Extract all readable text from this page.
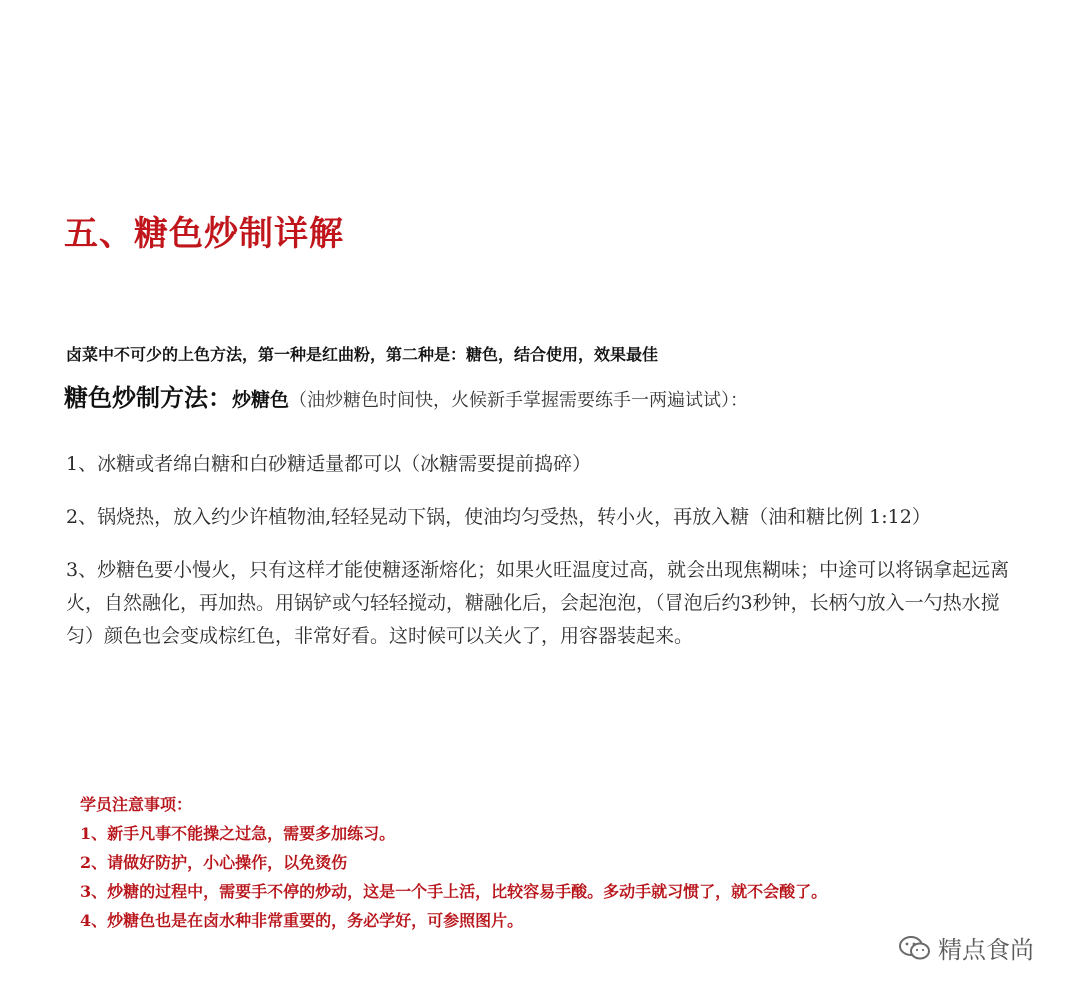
五、糖色炒制详解
卤菜中不可少的上色方法，第一种是红曲粉，第二种是：糖色，结合使用，效果最佳
糖色炒制方法：炒糖色（油炒糖色时间快，火候新手掌握需要练手一两遍试试）：

1、冰糖或者绵白糖和白砂糖适量都可以（冰糖需要提前捣碎）

2、锅烧热，放入约少许植物油,轻轻晃动下锅，使油均匀受热，转小火，再放入糖（油和糖比例 1:12）

3、炒糖色要小慢火，只有这样才能使糖逐渐熔化；如果火旺温度过高，就会出现焦糊味；中途可以将锅拿起远离火，自然融化，再加热。用锅铲或勺轻轻搅动，糖融化后，会起泡泡，（冒泡后约3秒钟，长柄勺放入一勺热水搅匀）颜色也会变成棕红色，非常好看。这时候可以关火了，用容器装起来。

学员注意事项：
1、新手凡事不能操之过急，需要多加练习。
2、请做好防护，小心操作，以免烫伤
3、炒糖的过程中，需要手不停的炒动，这是一个手上活，比较容易手酸。多动手就习惯了，就不会酸了。
4、炒糖色也是在卤水种非常重要的，务必学好，可参照图片。
精点食尚
